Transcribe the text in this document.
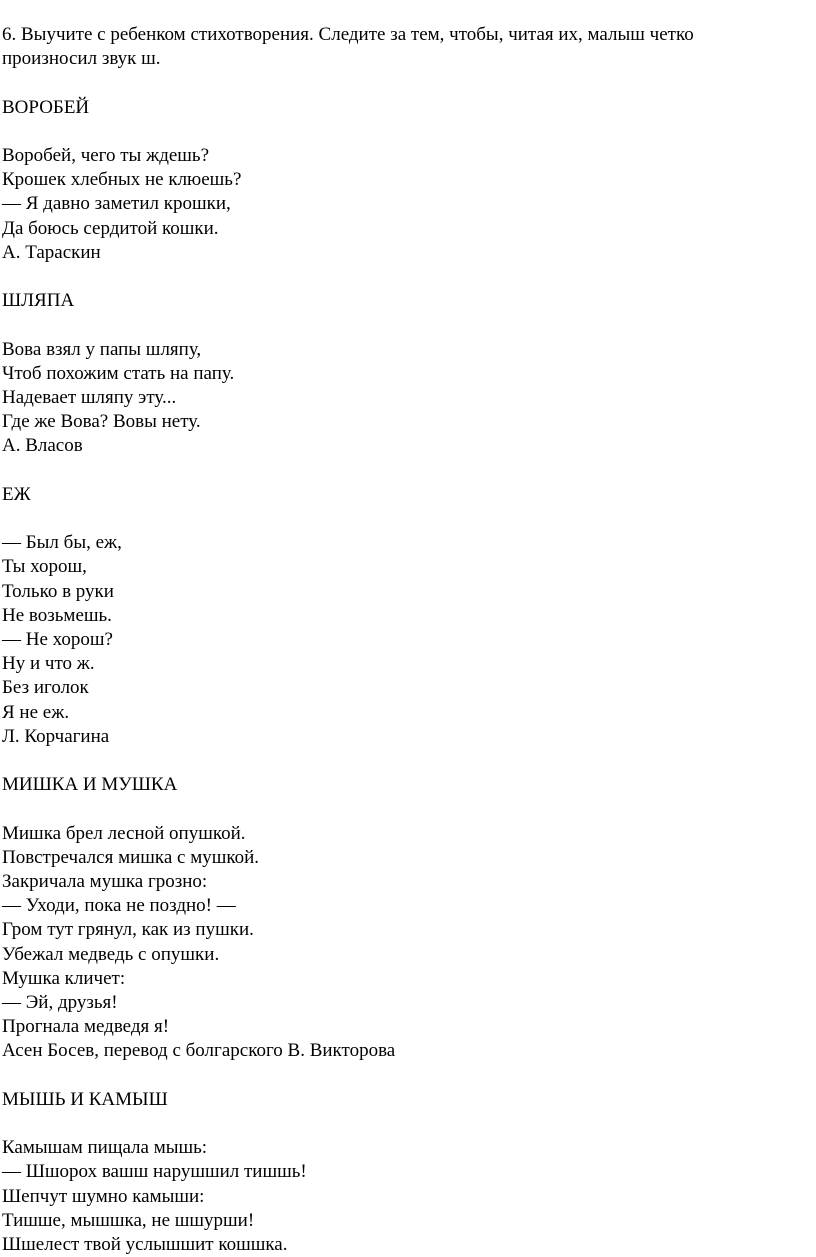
6. Выучите с ребенком стихотворения. Следите за тем, чтобы, читая их, малыш четко
произносил звук ш.
ВОРОБЕЙ
Воробей, чего ты ждешь?
Крошек хлебных не клюешь?
— Я давно заметил крошки,
Да боюсь сердитой кошки.
А. Тараскин
ШЛЯПА
Вова взял у папы шляпу,
Чтоб похожим стать на папу.
Надевает шляпу эту...
Где же Вова? Вовы нету.
А. Власов
ЕЖ
— Был бы, еж,
Ты хорош,
Только в руки
Не возьмешь.
— Не хорош?
Ну и что ж.
Без иголок
Я не еж.
Л. Корчагина
МИШКА И МУШКА
Мишка брел лесной опушкой.
Повстречался мишка с мушкой.
Закричала мушка грозно:
— Уходи, пока не поздно! —
Гром тут грянул, как из пушки.
Убежал медведь с опушки.
Мушка кличет:
— Эй, друзья!
Прогнала медведя я!
Асен Босев, перевод с болгарского В. Викторова
МЫШЬ И КАМЫШ
Камышам пищала мышь:
— Шшорох вашш нарушшил тишшь!
Шепчут шумно камыши:
Тишше, мышшка, не шшурши!
Шшелест твой услышшит кошшка.
